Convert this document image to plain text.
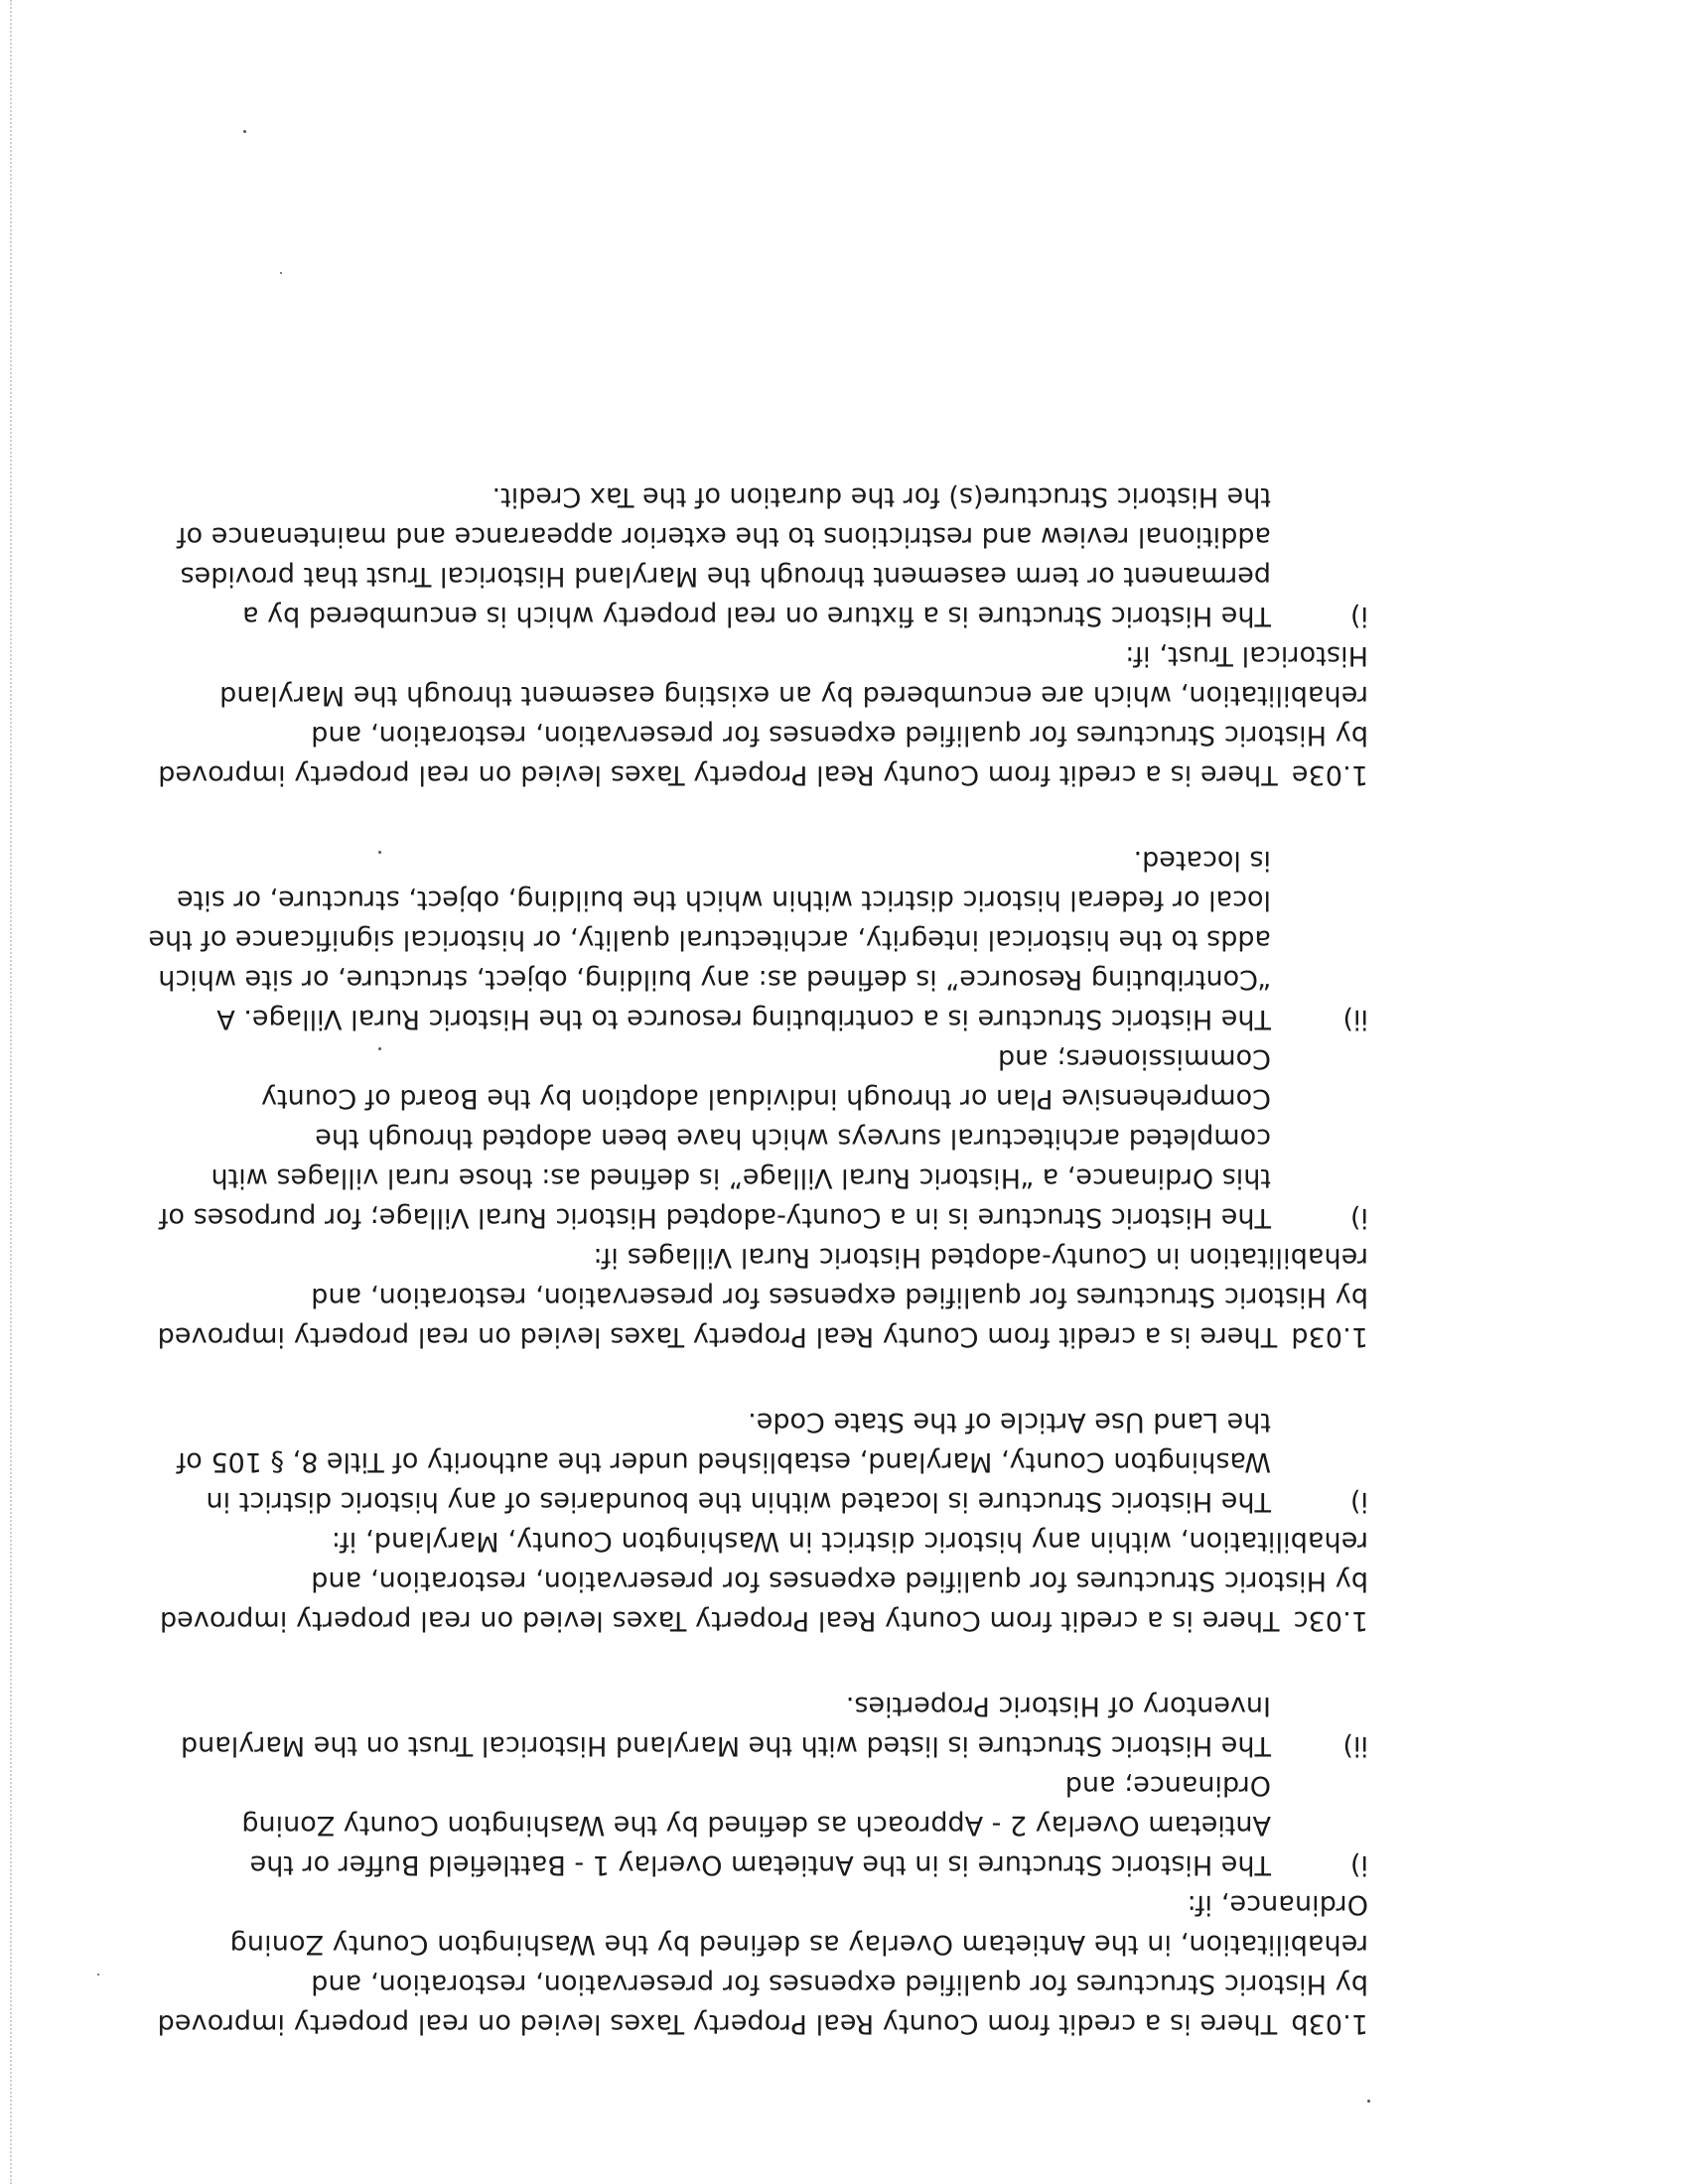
1.03bThere is a credit from County Real Property Taxes levied on real property improved by Historic Structures for qualified expenses for preservation, restoration, and rehabilitation, in the Antietam Overlay as defined by the Washington County Zoning Ordinance, if:

i)
The Historic Structure is in the Antietam Overlay 1 - Battlefield Buffer or the Antietam Overlay 2 - Approach as defined by the Washington County Zoning Ordinance; and
ii)
The Historic Structure is listed with the Maryland Historical Trust on the Maryland Inventory of Historic Properties.

1.03cThere is a credit from County Real Property Taxes levied on real property improved by Historic Structures for qualified expenses for preservation, restoration, and rehabilitation, within any historic district in Washington County, Maryland, if:

i)
The Historic Structure is located within the boundaries of any historic district in Washington County, Maryland, established under the authority of Title 8, § 105 of the Land Use Article of the State Code.

1.03dThere is a credit from County Real Property Taxes levied on real property improved by Historic Structures for qualified expenses for preservation, restoration, and rehabilitation in County-adopted Historic Rural Villages if:

i)
The Historic Structure is in a County-adopted Historic Rural Village; for purposes of this Ordinance, a “Historic Rural Village” is defined as: those rural villages with completed architectural surveys which have been adopted through the Comprehensive Plan or through individual adoption by the Board of County Commissioners; and
ii)
The Historic Structure is a contributing resource to the Historic Rural Village. A “Contributing Resource” is defined as: any building, object, structure, or site which adds to the historical integrity, architectural quality, or historical significance of the local or federal historic district within which the building, object, structure, or site is located.

1.03eThere is a credit from County Real Property Taxes levied on real property improved by Historic Structures for qualified expenses for preservation, restoration, and rehabilitation, which are encumbered by an existing easement through the Maryland Historical Trust, if:

i)
The Historic Structure is a fixture on real property which is encumbered by a permanent or term easement through the Maryland Historical Trust that provides additional review and restrictions to the exterior appearance and maintenance of the Historic Structure(s) for the duration of the Tax Credit.
